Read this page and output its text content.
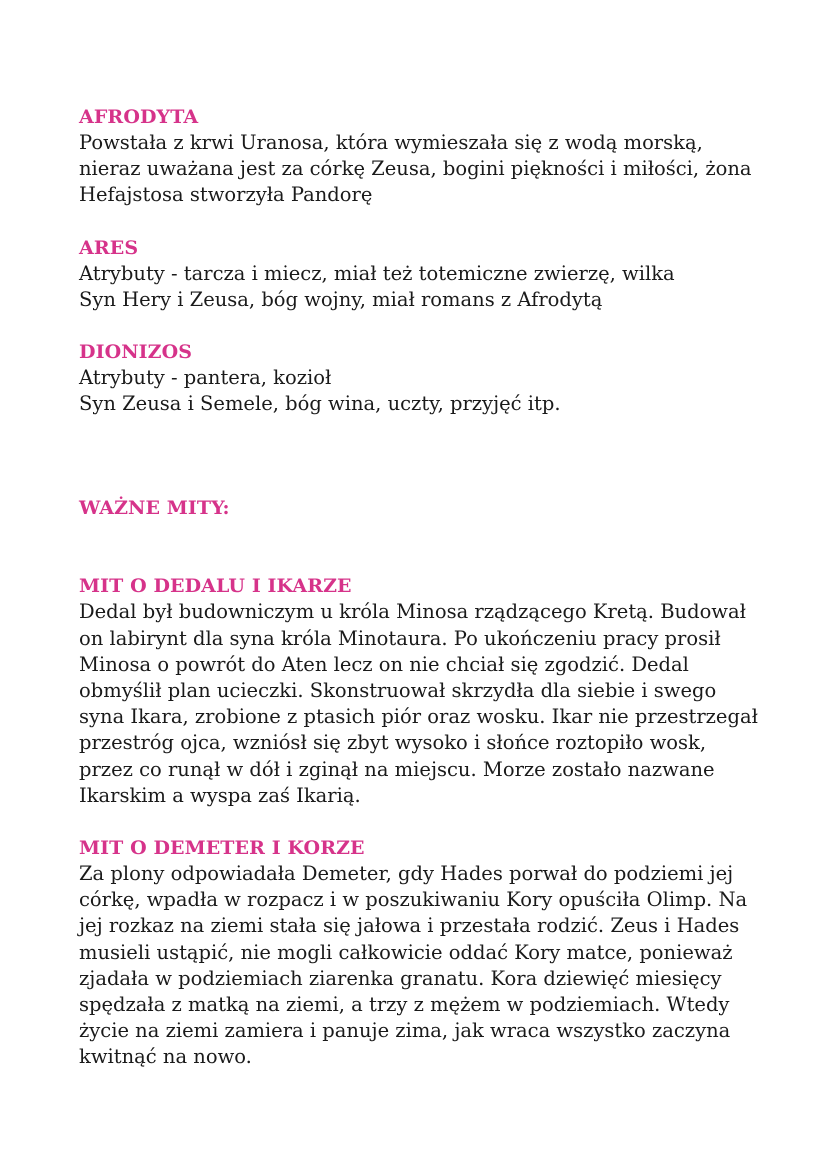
AFRODYTA
Powstała z krwi Uranosa, która wymieszała się z wodą morską,
nieraz uważana jest za córkę Zeusa, bogini piękności i miłości, żona
Hefajstosa stworzyła Pandorę
ARES
Atrybuty - tarcza i miecz, miał też totemiczne zwierzę, wilka
Syn Hery i Zeusa, bóg wojny, miał romans z Afrodytą
DIONIZOS
Atrybuty - pantera, kozioł
Syn Zeusa i Semele, bóg wina, uczty, przyjęć itp.
WAŻNE MITY:
MIT O DEDALU I IKARZE
Dedal był budowniczym u króla Minosa rządzącego Kretą. Budował
on labirynt dla syna króla Minotaura. Po ukończeniu pracy prosił
Minosa o powrót do Aten lecz on nie chciał się zgodzić. Dedal
obmyślił plan ucieczki. Skonstruował skrzydła dla siebie i swego
syna Ikara, zrobione z ptasich piór oraz wosku. Ikar nie przestrzegał
przestróg ojca, wzniósł się zbyt wysoko i słońce roztopiło wosk,
przez co runął w dół i zginął na miejscu. Morze zostało nazwane
Ikarskim a wyspa zaś Ikarią.
MIT O DEMETER I KORZE
Za plony odpowiadała Demeter, gdy Hades porwał do podziemi jej
córkę, wpadła w rozpacz i w poszukiwaniu Kory opuściła Olimp. Na
jej rozkaz na ziemi stała się jałowa i przestała rodzić. Zeus i Hades
musieli ustąpić, nie mogli całkowicie oddać Kory matce, ponieważ
zjadała w podziemiach ziarenka granatu. Kora dziewięć miesięcy
spędzała z matką na ziemi, a trzy z mężem w podziemiach. Wtedy
życie na ziemi zamiera i panuje zima, jak wraca wszystko zaczyna
kwitnąć na nowo.
